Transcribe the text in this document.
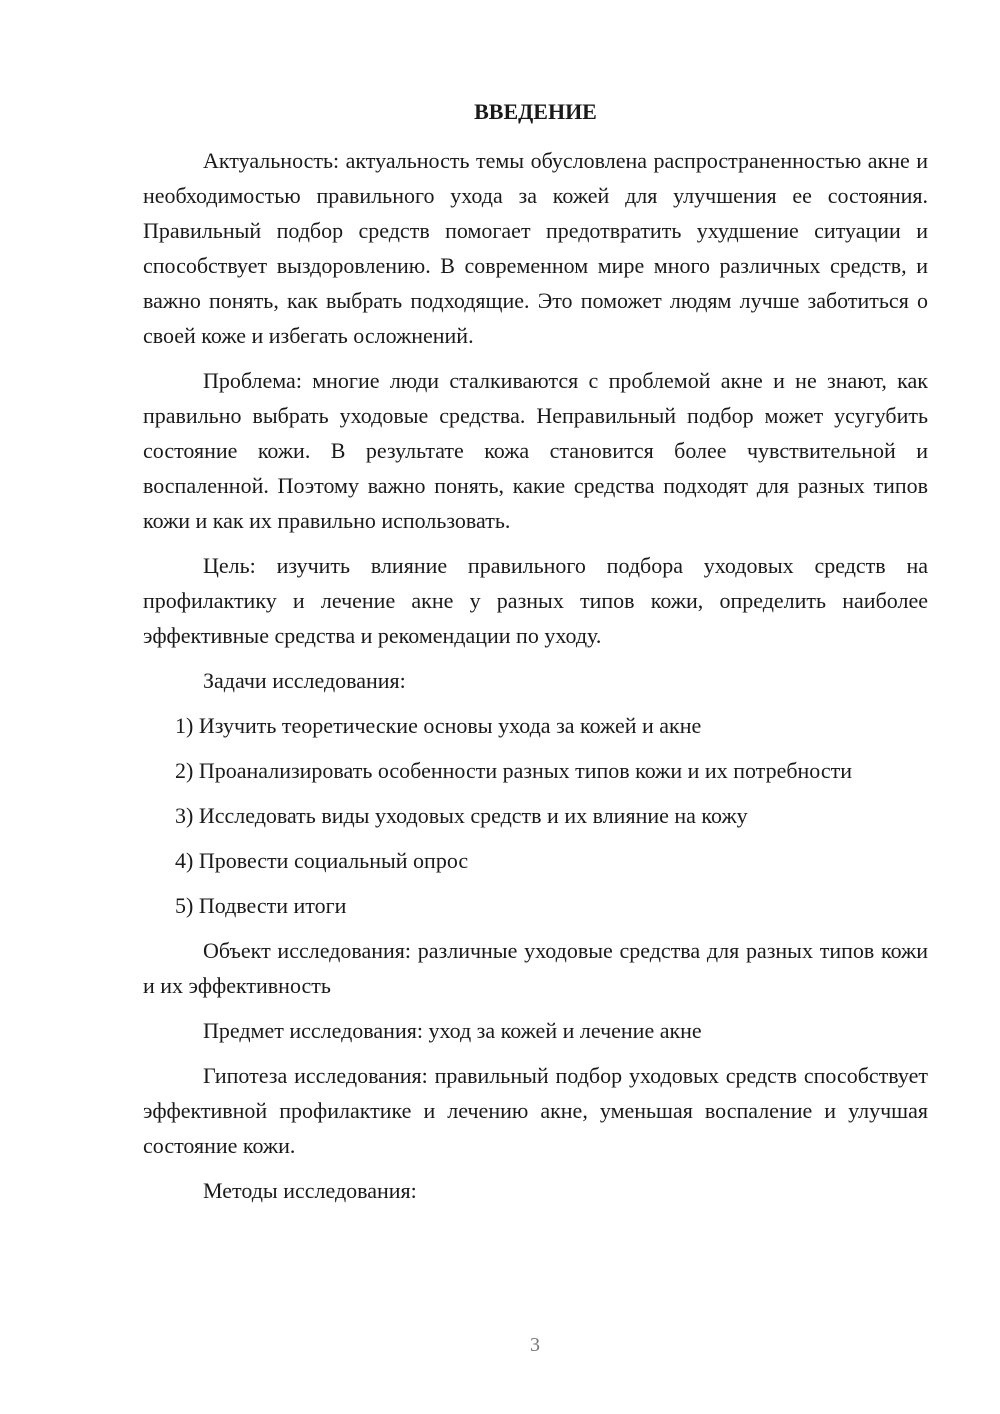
ВВЕДЕНИЕ

Актуальность: актуальность темы обусловлена распространенностью акне и необходимостью правильного ухода за кожей для улучшения ее состояния. Правильный подбор средств помогает предотвратить ухудшение ситуации и способствует выздоровлению. В современном мире много различных средств, и важно понять, как выбрать подходящие. Это поможет людям лучше заботиться о своей коже и избегать осложнений.

Проблема: многие люди сталкиваются с проблемой акне и не знают, как правильно выбрать уходовые средства. Неправильный подбор может усугубить состояние кожи. В результате кожа становится более чувствительной и воспаленной. Поэтому важно понять, какие средства подходят для разных типов кожи и как их правильно использовать.

Цель: изучить влияние правильного подбора уходовых средств на профилактику и лечение акне у разных типов кожи, определить наиболее эффективные средства и рекомендации по уходу.

Задачи исследования:

1) Изучить теоретические основы ухода за кожей и акне

2) Проанализировать особенности разных типов кожи и их потребности

3) Исследовать виды уходовых средств и их влияние на кожу

4) Провести социальный опрос

5) Подвести итоги

Объект исследования: различные уходовые средства для разных типов кожи и их эффективность

Предмет исследования: уход за кожей и лечение акне

Гипотеза исследования: правильный подбор уходовых средств способствует эффективной профилактике и лечению акне, уменьшая воспаление и улучшая состояние кожи.

Методы исследования:

3
